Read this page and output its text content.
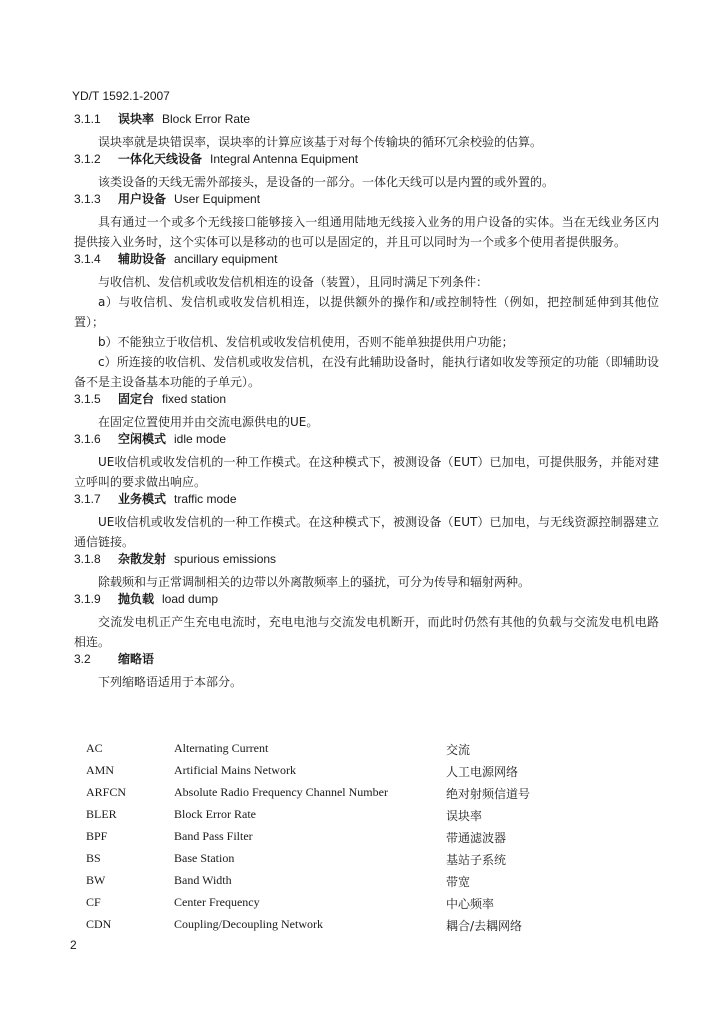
YD/T 1592.1-2007
3.1.1 误块率 Block Error Rate

误块率就是块错误率，误块率的计算应该基于对每个传输块的循环冗余校验的估算。

3.1.2 一体化天线设备 Integral Antenna Equipment

该类设备的天线无需外部接头，是设备的一部分。一体化天线可以是内置的或外置的。

3.1.3 用户设备 User Equipment

具有通过一个或多个无线接口能够接入一组通用陆地无线接入业务的用户设备的实体。当在无线业务区内提供接入业务时，这个实体可以是移动的也可以是固定的，并且可以同时为一个或多个使用者提供服务。

3.1.4 辅助设备 ancillary equipment

与收信机、发信机或收发信机相连的设备（装置），且同时满足下列条件：

a）与收信机、发信机或收发信机相连，以提供额外的操作和/或控制特性（例如，把控制延伸到其他位置）；

b）不能独立于收信机、发信机或收发信机使用，否则不能单独提供用户功能；

c）所连接的收信机、发信机或收发信机，在没有此辅助设备时，能执行诸如收发等预定的功能（即辅助设备不是主设备基本功能的子单元）。

3.1.5 固定台 fixed station

在固定位置使用并由交流电源供电的UE。

3.1.6 空闲模式 idle mode

UE收信机或收发信机的一种工作模式。在这种模式下，被测设备（EUT）已加电，可提供服务，并能对建立呼叫的要求做出响应。

3.1.7 业务模式 traffic mode

UE收信机或收发信机的一种工作模式。在这种模式下，被测设备（EUT）已加电，与无线资源控制器建立通信链接。

3.1.8 杂散发射 spurious emissions

除载频和与正常调制相关的边带以外离散频率上的骚扰，可分为传导和辐射两种。

3.1.9 抛负载 load dump

交流发电机正产生充电电流时，充电电池与交流发电机断开，而此时仍然有其他的负载与交流发电机电路相连。

3.2 缩略语

下列缩略语适用于本部分。

AC	Alternating Current	交流
AMN	Artificial Mains Network	人工电源网络
ARFCN	Absolute Radio Frequency Channel Number	绝对射频信道号
BLER	Block Error Rate	误块率
BPF	Band Pass Filter	带通滤波器
BS	Base Station	基站子系统
BW	Band Width	带宽
CF	Center Frequency	中心频率
CDN	Coupling/Decoupling Network	耦合/去耦网络
2
